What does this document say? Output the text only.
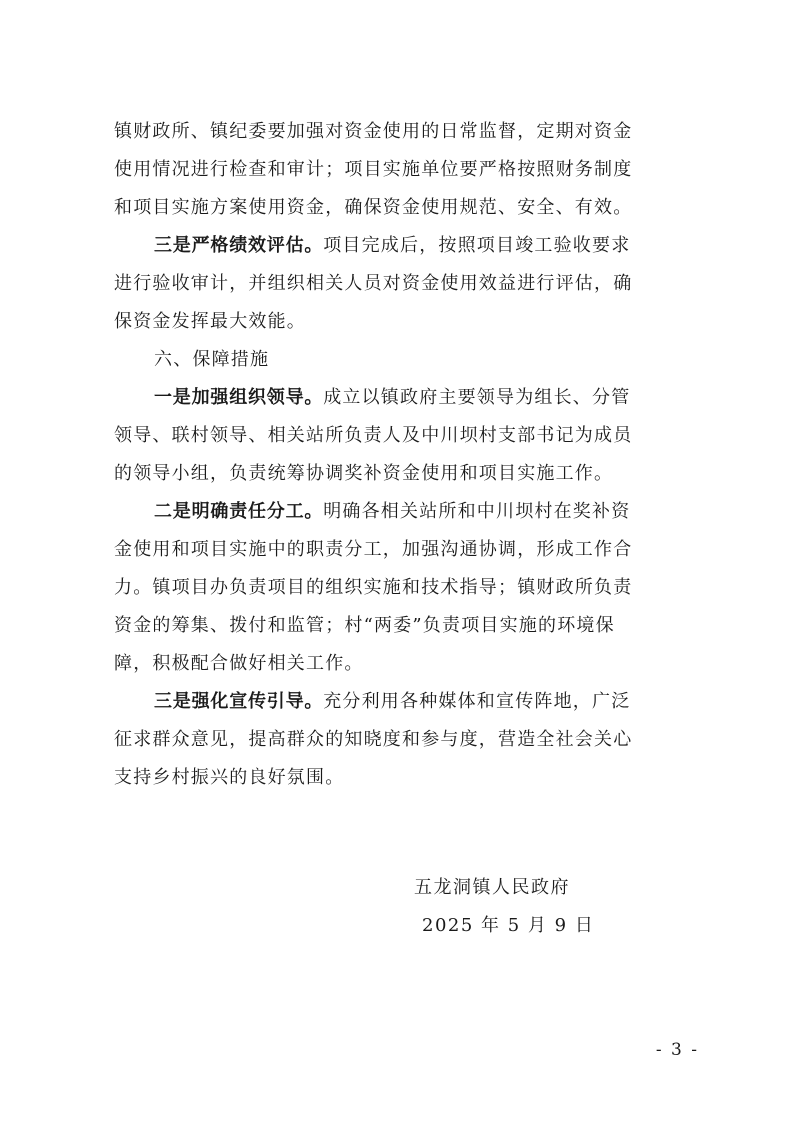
镇财政所、镇纪委要加强对资金使用的日常监督，定期对资金
使用情况进行检查和审计；项目实施单位要严格按照财务制度
和项目实施方案使用资金，确保资金使用规范、安全、有效。
三是严格绩效评估。项目完成后，按照项目竣工验收要求
进行验收审计，并组织相关人员对资金使用效益进行评估，确
保资金发挥最大效能。
六、保障措施
一是加强组织领导。成立以镇政府主要领导为组长、分管
领导、联村领导、相关站所负责人及中川坝村支部书记为成员
的领导小组，负责统筹协调奖补资金使用和项目实施工作。
二是明确责任分工。明确各相关站所和中川坝村在奖补资
金使用和项目实施中的职责分工，加强沟通协调，形成工作合
力。镇项目办负责项目的组织实施和技术指导；镇财政所负责
资金的筹集、拨付和监管；村“两委”负责项目实施的环境保
障，积极配合做好相关工作。
三是强化宣传引导。充分利用各种媒体和宣传阵地，广泛
征求群众意见，提高群众的知晓度和参与度，营造全社会关心
支持乡村振兴的良好氛围。
五龙洞镇人民政府
2025 年 5 月 9 日
- 3 -
